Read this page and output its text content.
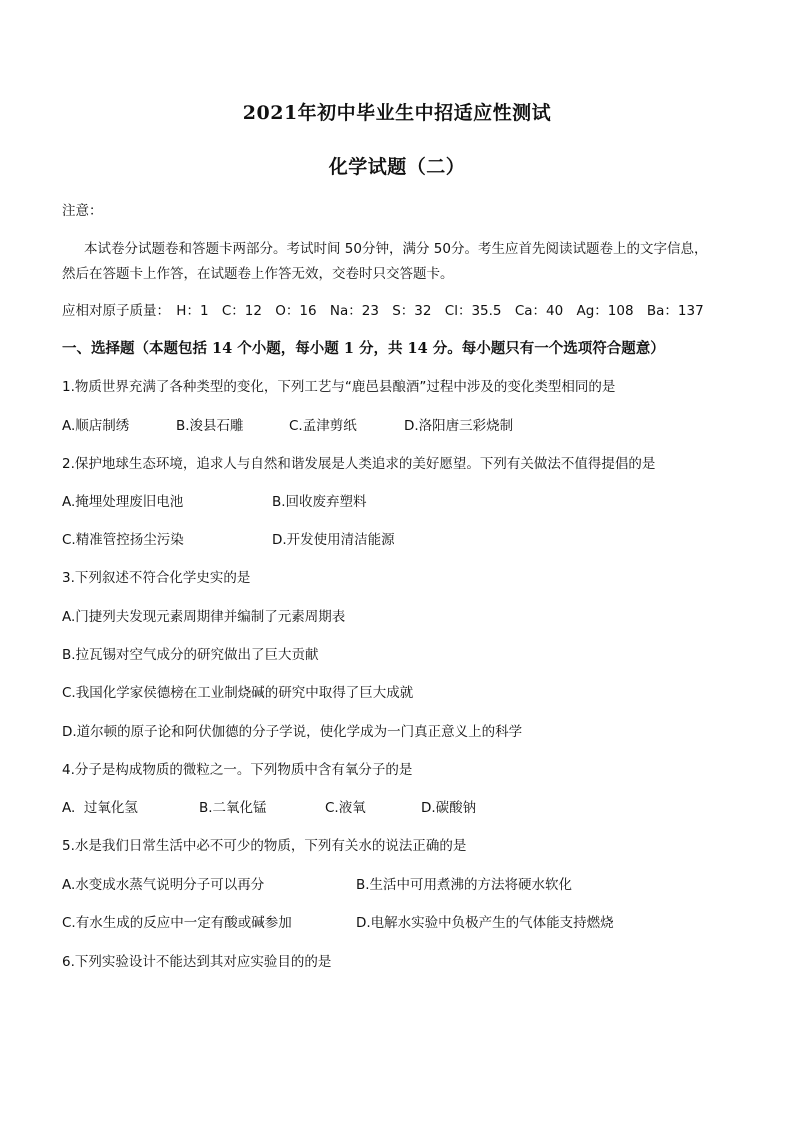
2021年初中毕业生中招适应性测试
化学试题（二）
注意：
本试卷分试题卷和答题卡两部分。考试时间 50分钟，满分 50分。考生应首先阅读试题卷上的文字信息，
然后在答题卡上作答，在试题卷上作答无效，交卷时只交答题卡。
应相对原子质量： H：1 C：12 O：16 Na：23 S：32 Cl：35.5 Ca：40 Ag：108 Ba：137
一、选择题（本题包括 14 个小题，每小题 1 分，共 14 分。每小题只有一个选项符合题意）
1.物质世界充满了各种类型的变化，下列工艺与“鹿邑县酿酒”过程中涉及的变化类型相同的是
A.顺店制绣	B.浚县石雕	C.孟津剪纸	D.洛阳唐三彩烧制
2.保护地球生态环境，追求人与自然和谐发展是人类追求的美好愿望。下列有关做法不值得提倡的是
A.掩埋处理废旧电池	B.回收废弃塑料
C.精准管控扬尘污染	D.开发使用清洁能源
3.下列叙述不符合化学史实的是
A.门捷列夫发现元素周期律并编制了元素周期表
B.拉瓦锡对空气成分的研究做出了巨大贡献
C.我国化学家侯德榜在工业制烧碱的研究中取得了巨大成就
D.道尔顿的原子论和阿伏伽德的分子学说，使化学成为一门真正意义上的科学
4.分子是构成物质的微粒之一。下列物质中含有氧分子的是
A.  过氧化氢	B.二氧化锰	C.液氧	D.碳酸钠
5.水是我们日常生活中必不可少的物质，下列有关水的说法正确的是
A.水变成水蒸气说明分子可以再分	B.生活中可用煮沸的方法将硬水软化
C.有水生成的反应中一定有酸或碱参加	D.电解水实验中负极产生的气体能支持燃烧
6.下列实验设计不能达到其对应实验目的的是
